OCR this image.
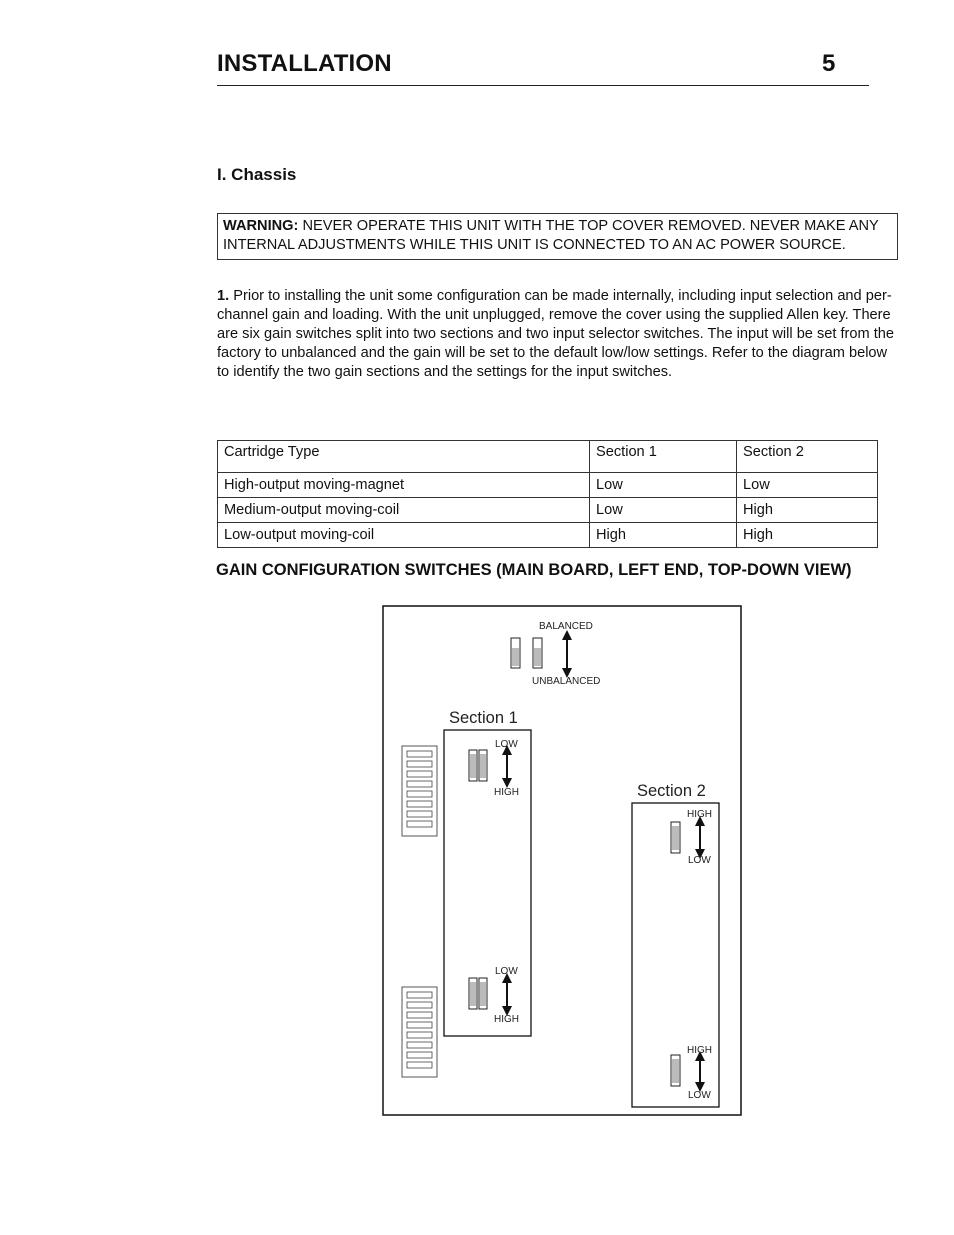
INSTALLATION	5
I. Chassis
WARNING: NEVER OPERATE THIS UNIT WITH THE TOP COVER REMOVED. NEVER MAKE ANY INTERNAL ADJUSTMENTS WHILE THIS UNIT IS CONNECTED TO AN AC POWER SOURCE.
1. Prior to installing the unit some configuration can be made internally, including input selection and per-channel gain and loading. With the unit unplugged, remove the cover using the supplied Allen key. There are six gain switches split into two sections and two input selector switches. The input will be set from the factory to unbalanced and the gain will be set to the default low/low settings. Refer to the diagram below to identify the two gain sections and the settings for the input switches.
Cartridge Type	Section 1	Section 2
High-output moving-magnet	Low	Low
Medium-output moving-coil	Low	High
Low-output moving-coil	High	High
GAIN CONFIGURATION SWITCHES (MAIN BOARD, LEFT END, TOP-DOWN VIEW)
BALANCED
UNBALANCED
Section 1
LOW
HIGH
LOW
HIGH
Section 2
HIGH
LOW
HIGH
LOW
